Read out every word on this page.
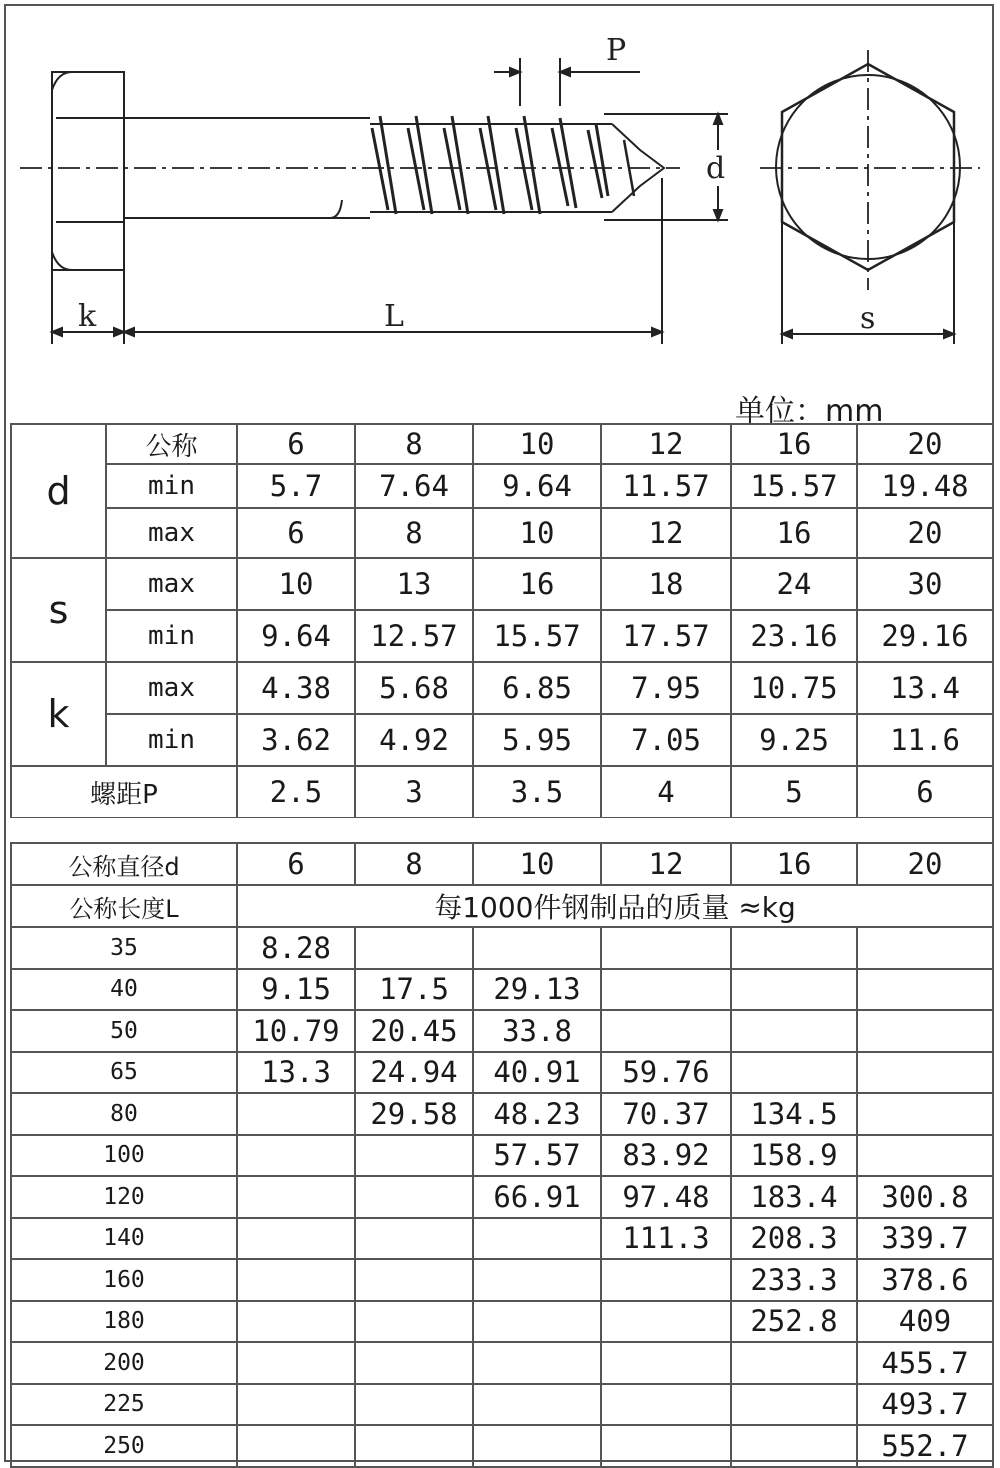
P
d
k	L	s
单位：mm
d	公称	6	8	10	12	16	20
	min	5.7	7.64	9.64	11.57	15.57	19.48
	max	6	8	10	12	16	20
s	max	10	13	16	18	24	30
	min	9.64	12.57	15.57	17.57	23.16	29.16
k	max	4.38	5.68	6.85	7.95	10.75	13.4
	min	3.62	4.92	5.95	7.05	9.25	11.6
螺距P		2.5	3	3.5	4	5	6
公称直径d	6	8	10	12	16	20
公称长度L	每1000件钢制品的质量 ≈kg					
35	8.28					
40	9.15	17.5	29.13			
50	10.79	20.45	33.8			
65	13.3	24.94	40.91	59.76		
80		29.58	48.23	70.37	134.5	
100			57.57	83.92	158.9	
120			66.91	97.48	183.4	300.8
140				111.3	208.3	339.7
160					233.3	378.6
180					252.8	409
200						455.7
225						493.7
250						552.7
